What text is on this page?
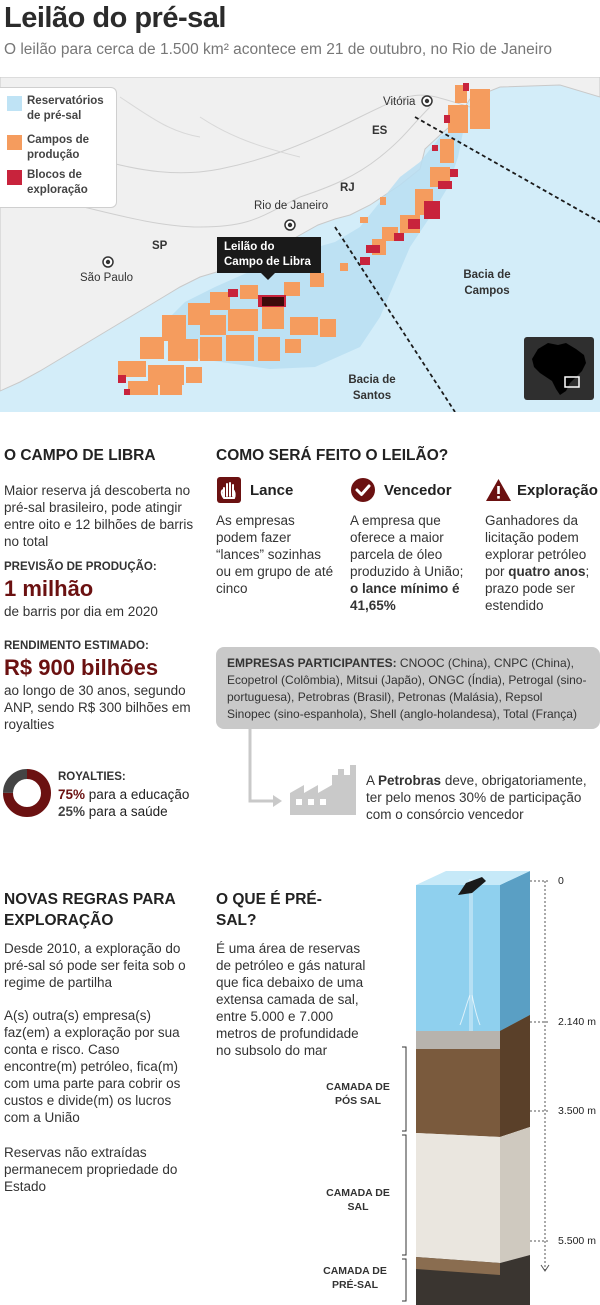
Leilão do pré-sal
O leilão para cerca de 1.500 km² acontece em 21 de outubro, no Rio de Janeiro
Reservatórios de pré-sal
Campos de produção
Blocos de exploração
Vitória
ES
RJ
Rio de Janeiro
SP
São Paulo	Bacia de Campos
Bacia de Santos
Leilão do Campo de Libra
O CAMPO DE LIBRA
Maior reserva já descoberta no pré-sal brasileiro, pode atingir entre oito e 12 bilhões de barris no total
PREVISÃO DE PRODUÇÃO:
1 milhão
de barris por dia em 2020
RENDIMENTO ESTIMADO:
R$ 900 bilhões
ao longo de 30 anos, segundo ANP, sendo R$ 300 bilhões em royalties
ROYALTIES:
75% para a educação
25% para a saúde
COMO SERÁ FEITO O LEILÃO?
Lance
As empresas podem fazer “lances” sozinhas ou em grupo de até cinco
Vencedor
A empresa que oferece a maior parcela de óleo produzido à União; o lance mínimo é 41,65%
Exploração
Ganhadores da licitação podem explorar petróleo por quatro anos; prazo pode ser estendido
EMPRESAS PARTICIPANTES: CNOOC (China), CNPC (China), Ecopetrol (Colômbia), Mitsui (Japão), ONGC (Índia), Petrogal (sino-portuguesa), Petrobras (Brasil), Petronas (Malásia), Repsol Sinopec (sino-espanhola), Shell (anglo-holandesa), Total (França)
A Petrobras deve, obrigatoriamente, ter pelo menos 30% de participação com o consórcio vencedor
NOVAS REGRAS PARA EXPLORAÇÃO
Desde 2010, a exploração do pré-sal só pode ser feita sob o regime de partilha
A(s) outra(s) empresa(s) faz(em) a exploração por sua conta e risco. Caso encontre(m) petróleo, fica(m) com uma parte para cobrir os custos e divide(m) os lucros com a União
Reservas não extraídas permanecem propriedade do Estado
O QUE É PRÉ-SAL?
É uma área de reservas de petróleo e gás natural que fica debaixo de uma extensa camada de sal, entre 5.000 e 7.000 metros de profundidade no subsolo do mar
CAMADA DE PÓS SAL
CAMADA DE SAL
CAMADA DE PRÉ-SAL
0
2.140 m
3.500 m
5.500 m
